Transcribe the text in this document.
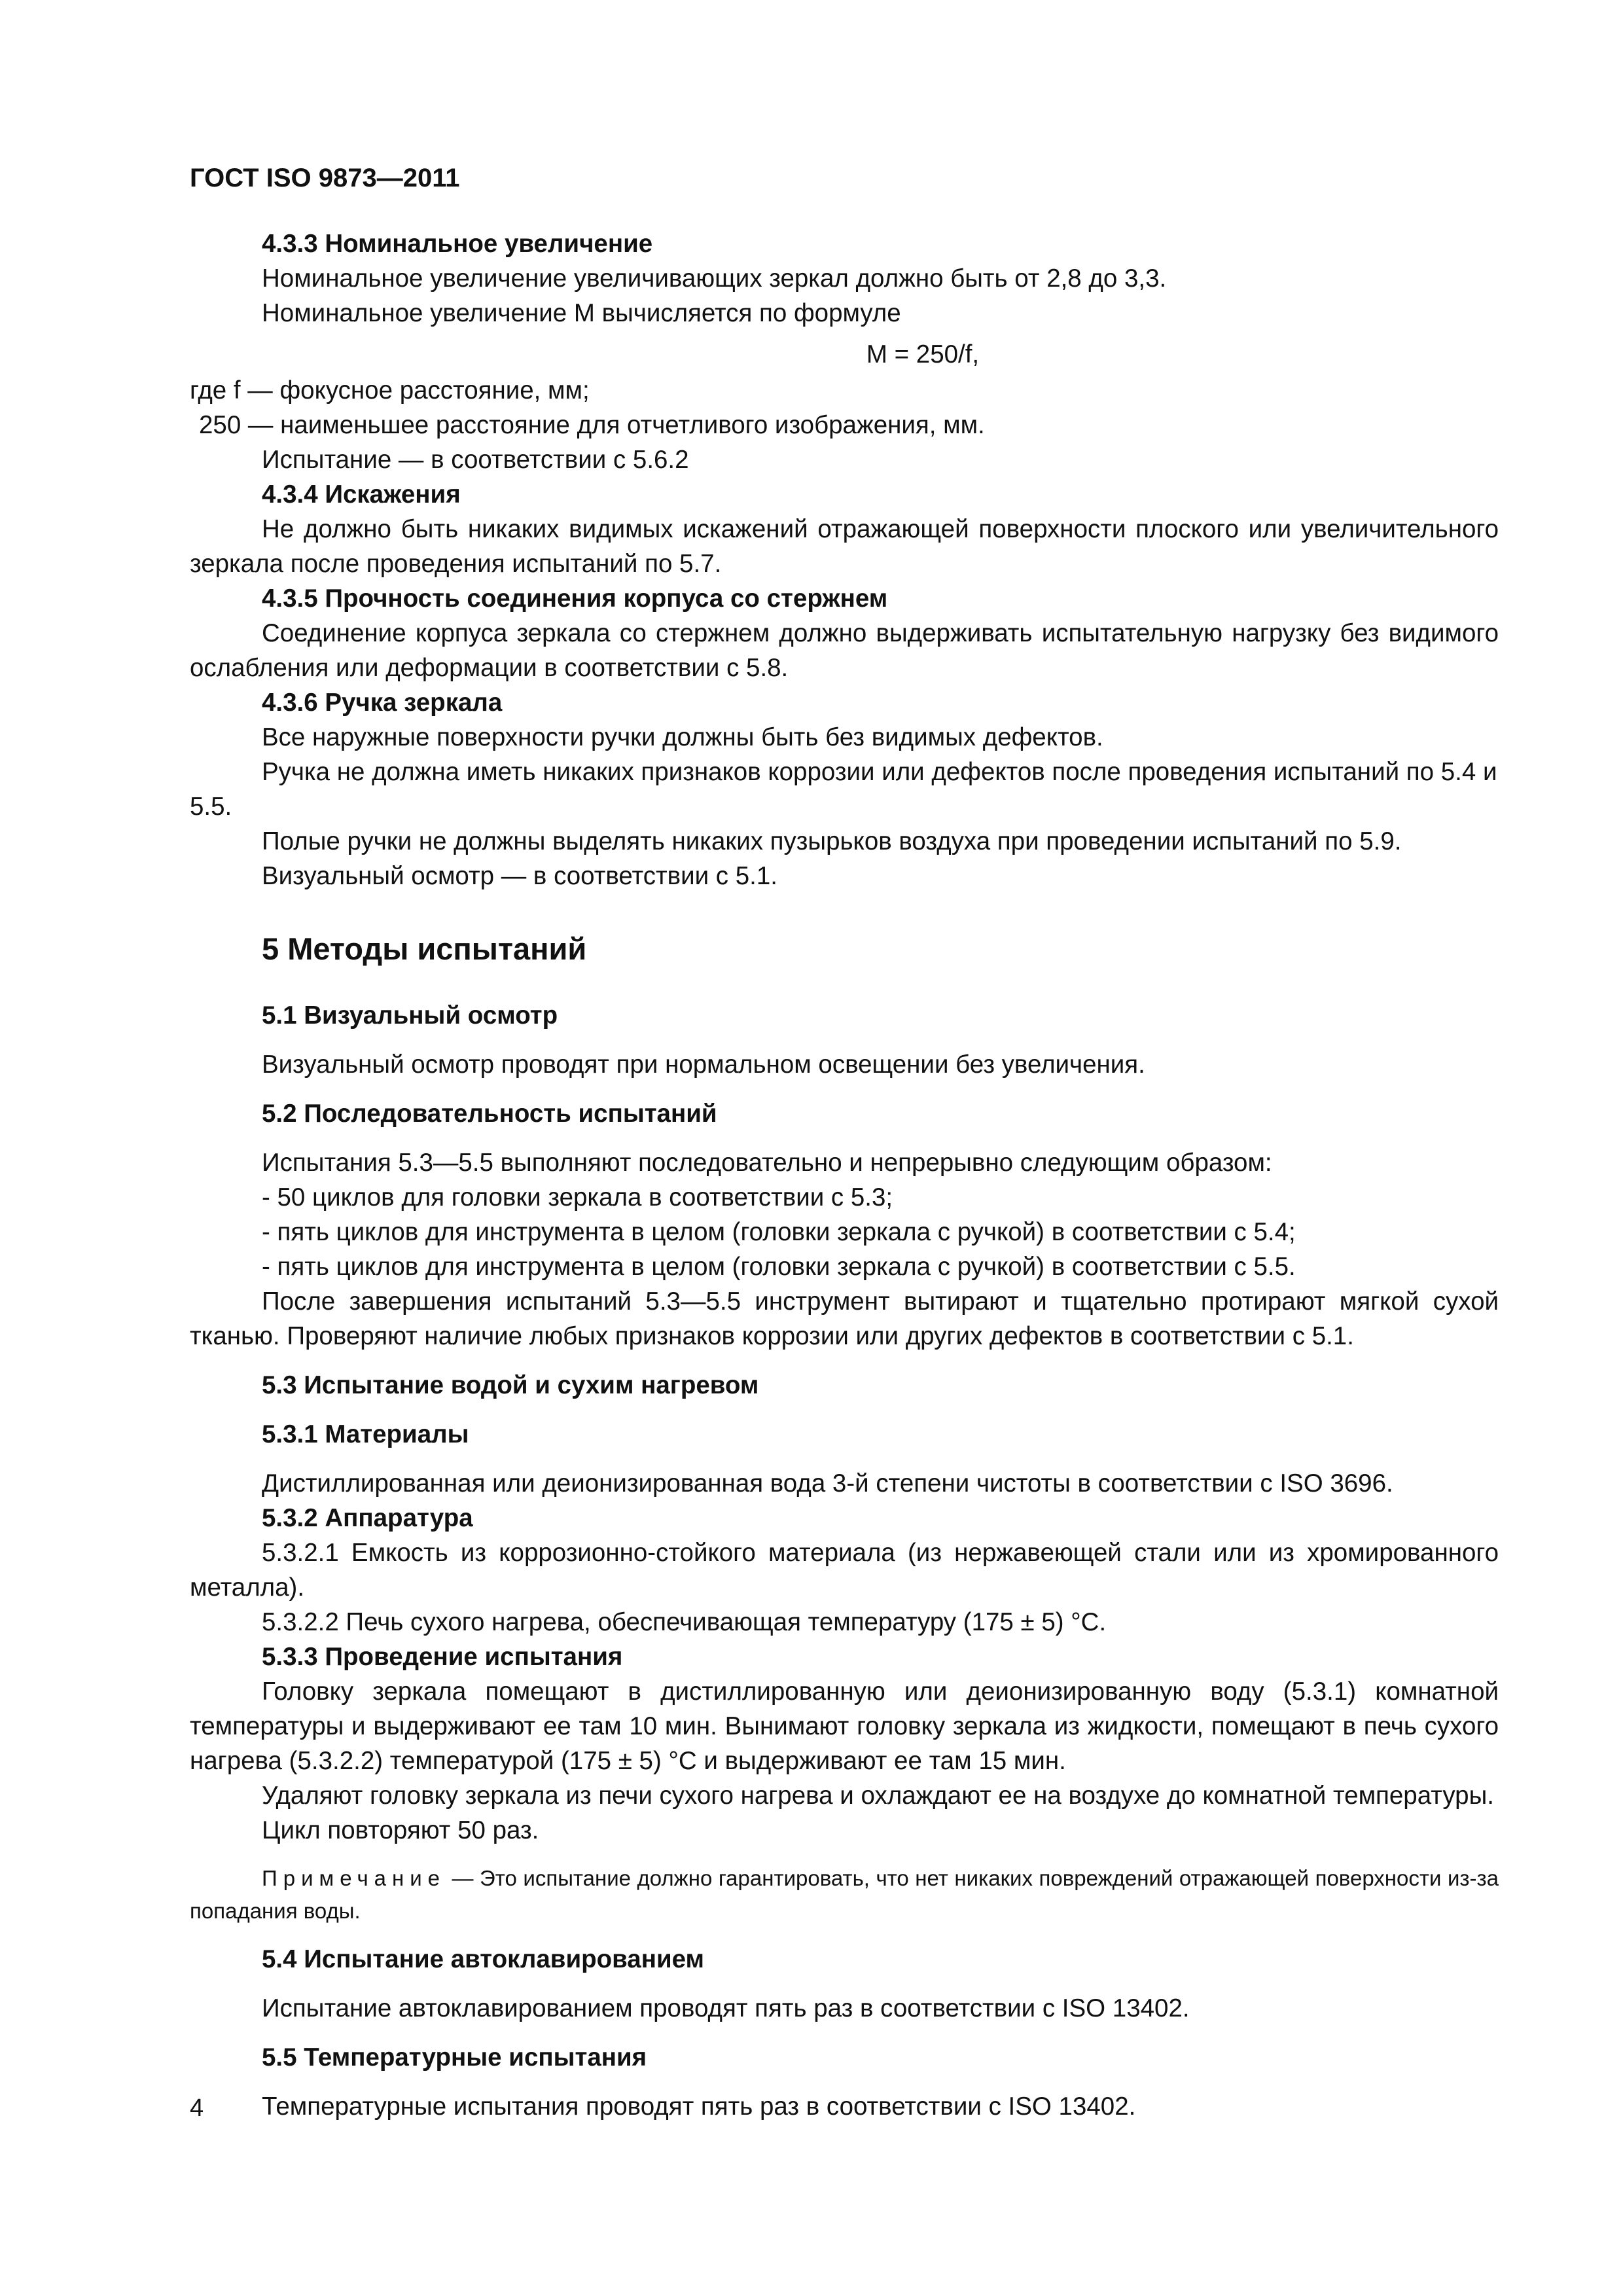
ГОСТ ISO 9873—2011

4.3.3 Номинальное увеличение

Номинальное увеличение увеличивающих зеркал должно быть от 2,8 до 3,3.

Номинальное увеличение M вычисляется по формуле

M = 250/f,

где f — фокусное расстояние, мм;

250 — наименьшее расстояние для отчетливого изображения, мм.

Испытание — в соответствии с 5.6.2

4.3.4 Искажения

Не должно быть никаких видимых искажений отражающей поверхности плоского или увеличительного зеркала после проведения испытаний по 5.7.

4.3.5 Прочность соединения корпуса со стержнем

Соединение корпуса зеркала со стержнем должно выдерживать испытательную нагрузку без видимого ослабления или деформации в соответствии с 5.8.

4.3.6 Ручка зеркала

Все наружные поверхности ручки должны быть без видимых дефектов.

Ручка не должна иметь никаких признаков коррозии или дефектов после проведения испытаний по 5.4 и 5.5.

Полые ручки не должны выделять никаких пузырьков воздуха при проведении испытаний по 5.9.

Визуальный осмотр — в соответствии с 5.1.

5 Методы испытаний

5.1 Визуальный осмотр

Визуальный осмотр проводят при нормальном освещении без увеличения.

5.2 Последовательность испытаний

Испытания 5.3—5.5 выполняют последовательно и непрерывно следующим образом:

- 50 циклов для головки зеркала в соответствии с 5.3;

- пять циклов для инструмента в целом (головки зеркала с ручкой) в соответствии с 5.4;

- пять циклов для инструмента в целом (головки зеркала с ручкой) в соответствии с 5.5.

После завершения испытаний 5.3—5.5 инструмент вытирают и тщательно протирают мягкой сухой тканью. Проверяют наличие любых признаков коррозии или других дефектов в соответствии с 5.1.

5.3 Испытание водой и сухим нагревом

5.3.1 Материалы

Дистиллированная или деионизированная вода 3-й степени чистоты в соответствии с ISO 3696.

5.3.2 Аппаратура

5.3.2.1 Емкость из коррозионно-стойкого материала (из нержавеющей стали или из хромированного металла).

5.3.2.2 Печь сухого нагрева, обеспечивающая температуру (175 ± 5) °С.

5.3.3 Проведение испытания

Головку зеркала помещают в дистиллированную или деионизированную воду (5.3.1) комнатной температуры и выдерживают ее там 10 мин. Вынимают головку зеркала из жидкости, помещают в печь сухого нагрева (5.3.2.2) температурой (175 ± 5) °С и выдерживают ее там 15 мин.

Удаляют головку зеркала из печи сухого нагрева и охлаждают ее на воздухе до комнатной температуры.

Цикл повторяют 50 раз.

Примечание — Это испытание должно гарантировать, что нет никаких повреждений отражающей поверхности из-за попадания воды.

5.4 Испытание автоклавированием

Испытание автоклавированием проводят пять раз в соответствии с ISO 13402.

5.5 Температурные испытания

Температурные испытания проводят пять раз в соответствии с ISO 13402.

4
